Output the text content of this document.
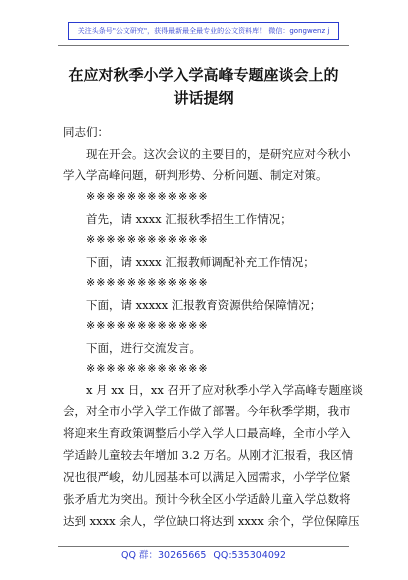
关注头条号"公文研究"，获得最新最全最专业的公文资料库！ 微信：gongwenz j
在应对秋季小学入学高峰专题座谈会上的
讲话提纲
同志们：
现在开会。这次会议的主要目的，是研究应对今秋小
学入学高峰问题，研判形势、分析问题、制定对策。
※※※※※※※※※※※※
首先，请 xxxx 汇报秋季招生工作情况；
※※※※※※※※※※※※
下面，请 xxxx 汇报教师调配补充工作情况；
※※※※※※※※※※※※
下面，请 xxxxx 汇报教育资源供给保障情况；
※※※※※※※※※※※※
下面，进行交流发言。
※※※※※※※※※※※※
x 月 xx 日，xx 召开了应对秋季小学入学高峰专题座谈
会，对全市小学入学工作做了部署。今年秋季学期，我市
将迎来生育政策调整后小学入学人口最高峰，全市小学入
学适龄儿童较去年增加 3.2 万名。从刚才汇报看，我区情
况也很严峻，幼儿园基本可以满足入园需求，小学学位紧
张矛盾尤为突出。预计今秋全区小学适龄儿童入学总数将
达到 xxxx 余人，学位缺口将达到 xxxx 余个，学位保障压
QQ 群：30265665 QQ:535304092
